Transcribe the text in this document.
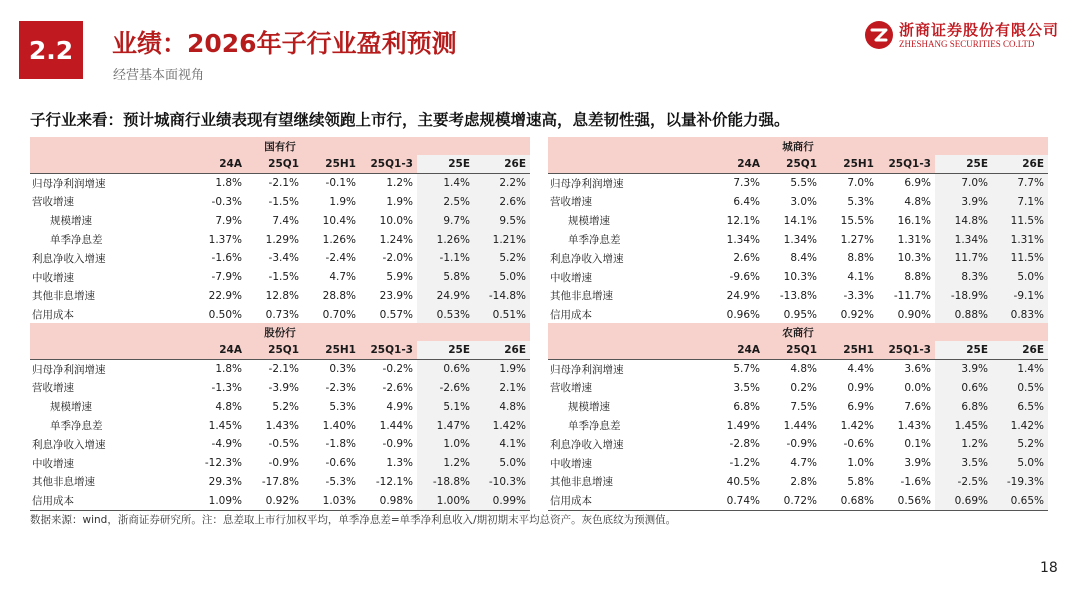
2.2	业绩：2026年子行业盈利预测
经营基本面视角
浙商证券股份有限公司
ZHESHANG SECURITIES CO.LTD
子行业来看：预计城商行业绩表现有望继续领跑上市行，主要考虑规模增速高，息差韧性强，以量补价能力强。
国有行						
	24A	25Q1	25H1	25Q1-3	25E	26E
归母净利润增速	1.8%	-2.1%	-0.1%	1.2%	1.4%	2.2%
营收增速	-0.3%	-1.5%	1.9%	1.9%	2.5%	2.6%
规模增速	7.9%	7.4%	10.4%	10.0%	9.7%	9.5%
单季净息差	1.37%	1.29%	1.26%	1.24%	1.26%	1.21%
利息净收入增速	-1.6%	-3.4%	-2.4%	-2.0%	-1.1%	5.2%
中收增速	-7.9%	-1.5%	4.7%	5.9%	5.8%	5.0%
其他非息增速	22.9%	12.8%	28.8%	23.9%	24.9%	-14.8%
信用成本	0.50%	0.73%	0.70%	0.57%	0.53%	0.51%
城商行						
	24A	25Q1	25H1	25Q1-3	25E	26E
归母净利润增速	7.3%	5.5%	7.0%	6.9%	7.0%	7.7%
营收增速	6.4%	3.0%	5.3%	4.8%	3.9%	7.1%
规模增速	12.1%	14.1%	15.5%	16.1%	14.8%	11.5%
单季净息差	1.34%	1.34%	1.27%	1.31%	1.34%	1.31%
利息净收入增速	2.6%	8.4%	8.8%	10.3%	11.7%	11.5%
中收增速	-9.6%	10.3%	4.1%	8.8%	8.3%	5.0%
其他非息增速	24.9%	-13.8%	-3.3%	-11.7%	-18.9%	-9.1%
信用成本	0.96%	0.95%	0.92%	0.90%	0.88%	0.83%
股份行						
	24A	25Q1	25H1	25Q1-3	25E	26E
归母净利润增速	1.8%	-2.1%	0.3%	-0.2%	0.6%	1.9%
营收增速	-1.3%	-3.9%	-2.3%	-2.6%	-2.6%	2.1%
规模增速	4.8%	5.2%	5.3%	4.9%	5.1%	4.8%
单季净息差	1.45%	1.43%	1.40%	1.44%	1.47%	1.42%
利息净收入增速	-4.9%	-0.5%	-1.8%	-0.9%	1.0%	4.1%
中收增速	-12.3%	-0.9%	-0.6%	1.3%	1.2%	5.0%
其他非息增速	29.3%	-17.8%	-5.3%	-12.1%	-18.8%	-10.3%
信用成本	1.09%	0.92%	1.03%	0.98%	1.00%	0.99%
农商行						
	24A	25Q1	25H1	25Q1-3	25E	26E
归母净利润增速	5.7%	4.8%	4.4%	3.6%	3.9%	1.4%
营收增速	3.5%	0.2%	0.9%	0.0%	0.6%	0.5%
规模增速	6.8%	7.5%	6.9%	7.6%	6.8%	6.5%
单季净息差	1.49%	1.44%	1.42%	1.43%	1.45%	1.42%
利息净收入增速	-2.8%	-0.9%	-0.6%	0.1%	1.2%	5.2%
中收增速	-1.2%	4.7%	1.0%	3.9%	3.5%	5.0%
其他非息增速	40.5%	2.8%	5.8%	-1.6%	-2.5%	-19.3%
信用成本	0.74%	0.72%	0.68%	0.56%	0.69%	0.65%
数据来源：wind，浙商证券研究所。注：息差取上市行加权平均，单季净息差=单季净利息收入/期初期末平均总资产。灰色底纹为预测值。
18
